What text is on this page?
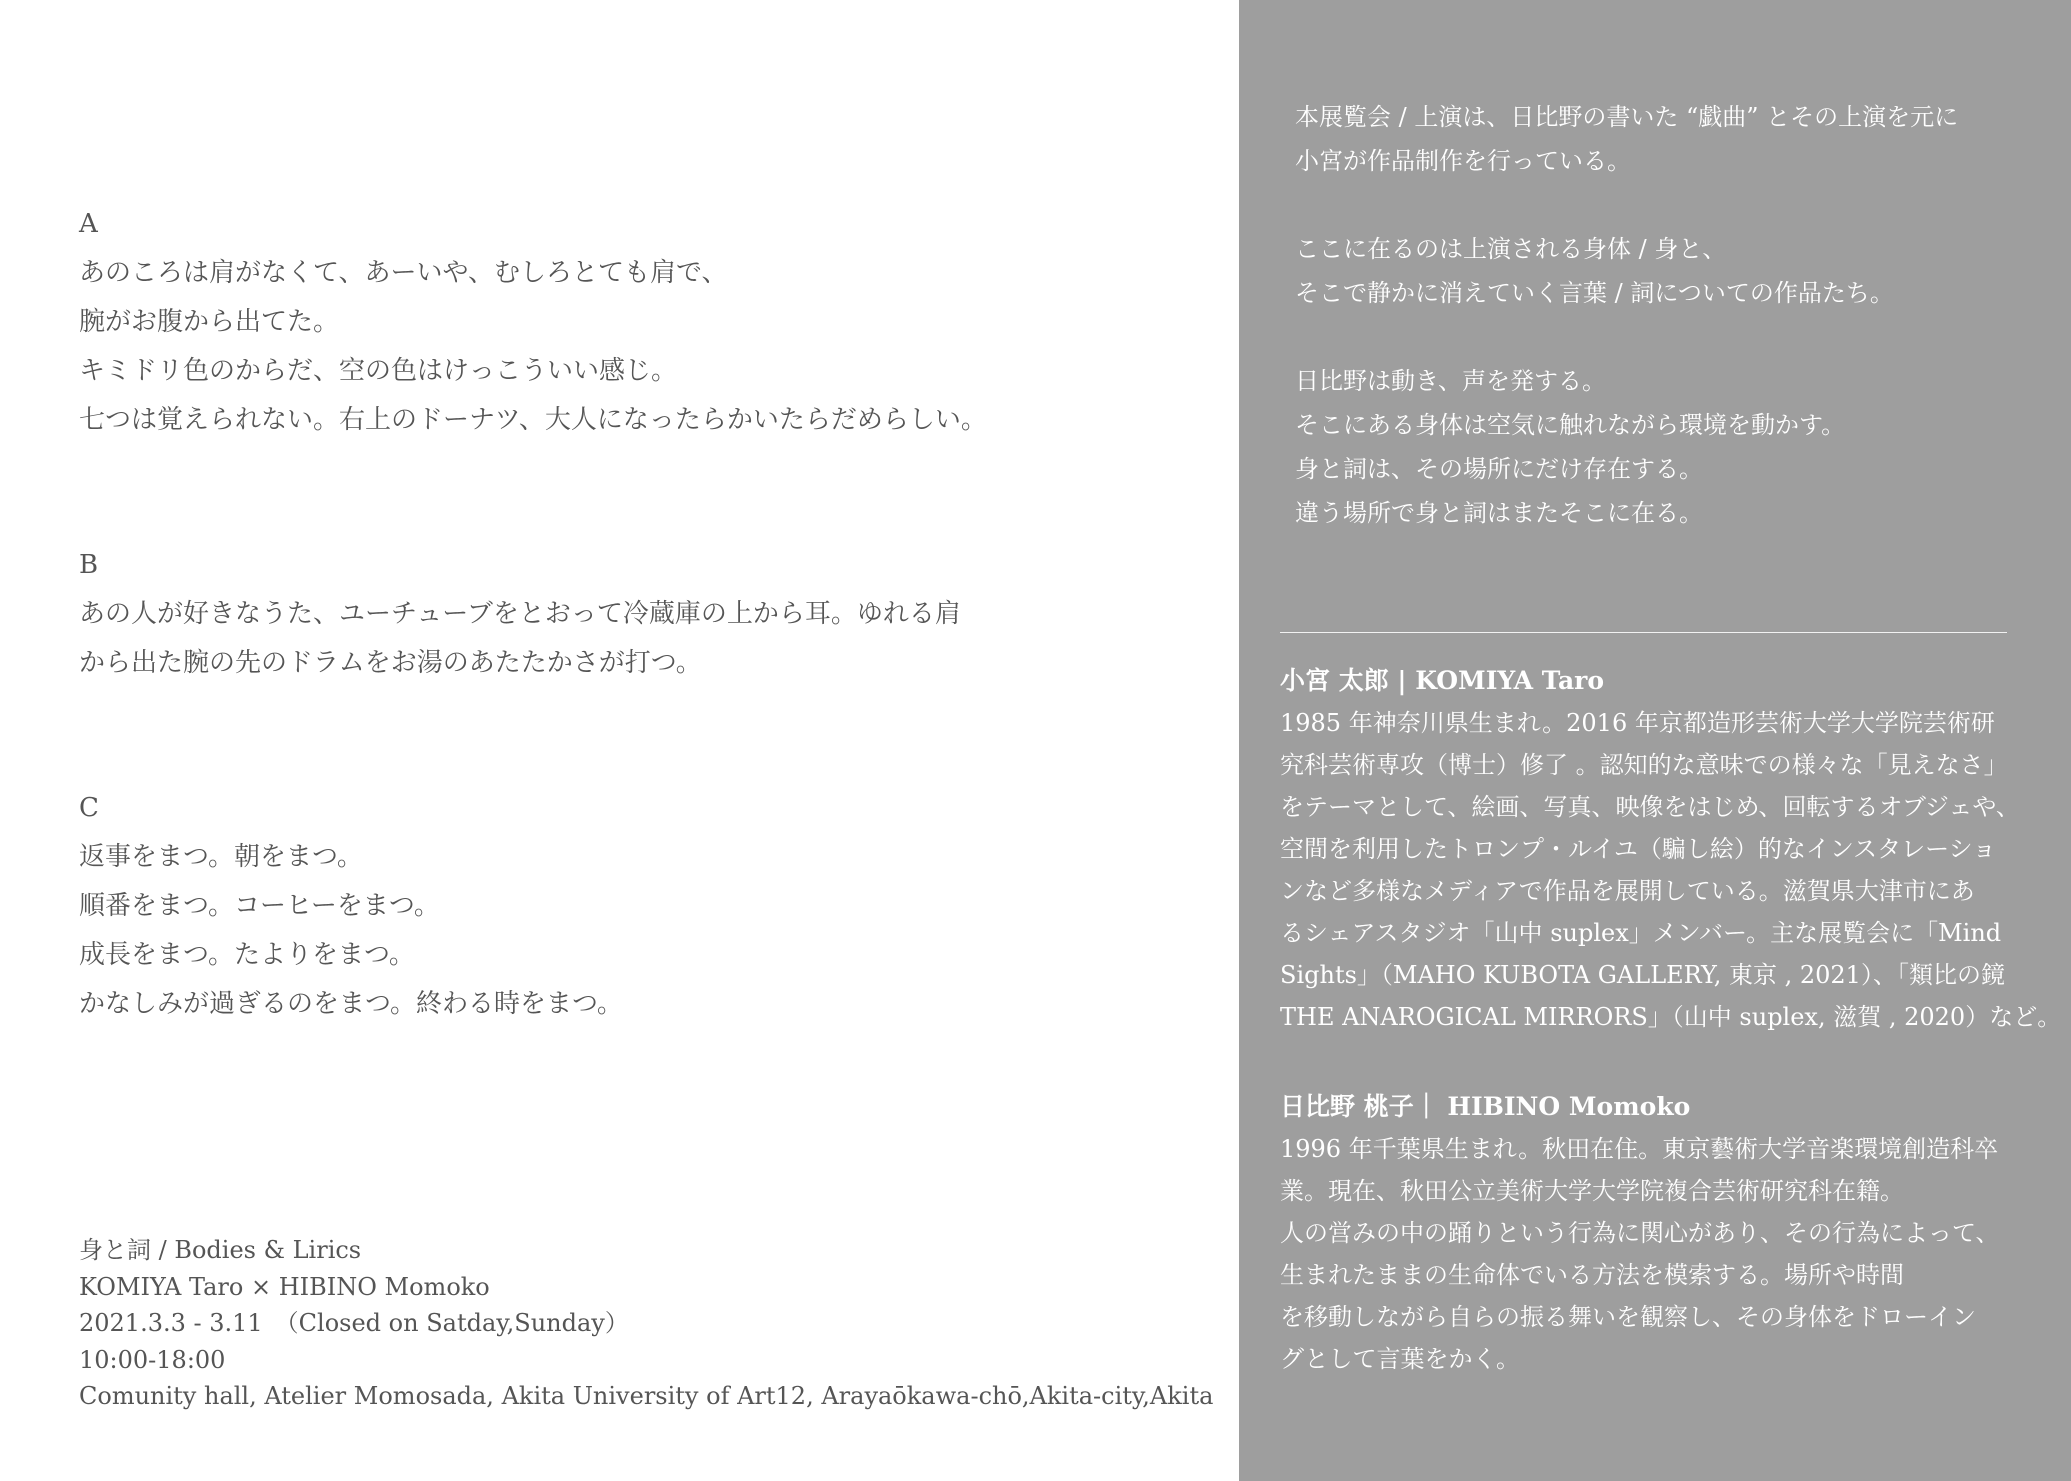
A
あのころは肩がなくて、あーいや、むしろとても肩で、
腕がお腹から出てた。
キミドリ色のからだ、空の色はけっこういい感じ。
七つは覚えられない。右上のドーナツ、大人になったらかいたらだめらしい。
B
あの人が好きなうた、ユーチューブをとおって冷蔵庫の上から耳。ゆれる肩
から出た腕の先のドラムをお湯のあたたかさが打つ。
C
返事をまつ。朝をまつ。
順番をまつ。コーヒーをまつ。
成長をまつ。たよりをまつ。
かなしみが過ぎるのをまつ。終わる時をまつ。
身と詞 / Bodies & Lirics
KOMIYA Taro × HIBINO Momoko
2021.3.3 - 3.11　（Closed on Satday,Sunday）
10:00-18:00
Comunity hall, Atelier Momosada, Akita University of Art12, Arayaōkawa-chō,Akita-city,Akita
本展覧会 / 上演は、日比野の書いた “戯曲” とその上演を元に
小宮が作品制作を行っている。
ここに在るのは上演される身体 / 身と、
そこで静かに消えていく言葉 / 詞についての作品たち。
日比野は動き、声を発する。
そこにある身体は空気に触れながら環境を動かす。
身と詞は、その場所にだけ存在する。
違う場所で身と詞はまたそこに在る。
小宮 太郎 | KOMIYA Taro
1985 年神奈川県生まれ。2016 年京都造形芸術大学大学院芸術研
究科芸術専攻（博士）修了 。認知的な意味での様々な「見えなさ」
をテーマとして、絵画、写真、映像をはじめ、回転するオブジェや、
空間を利用したトロンプ・ルイユ（騙し絵）的なインスタレーショ
ンなど多様なメディアで作品を展開している。滋賀県大津市にあ
るシェアスタジオ「山中 suplex」メンバー。主な展覧会に「Mind
Sights」（MAHO KUBOTA GALLERY, 東京 , 2021）、「類比の鏡
THE ANAROGICAL MIRRORS」（山中 suplex, 滋賀 , 2020）など。
日比野 桃子｜ HIBINO Momoko
1996 年千葉県生まれ。秋田在住。東京藝術大学音楽環境創造科卒
業。現在、秋田公立美術大学大学院複合芸術研究科在籍。
人の営みの中の踊りという行為に関心があり、その行為によって、
生まれたままの生命体でいる方法を模索する。場所や時間
を移動しながら自らの振る舞いを観察し、その身体をドローイン
グとして言葉をかく。
